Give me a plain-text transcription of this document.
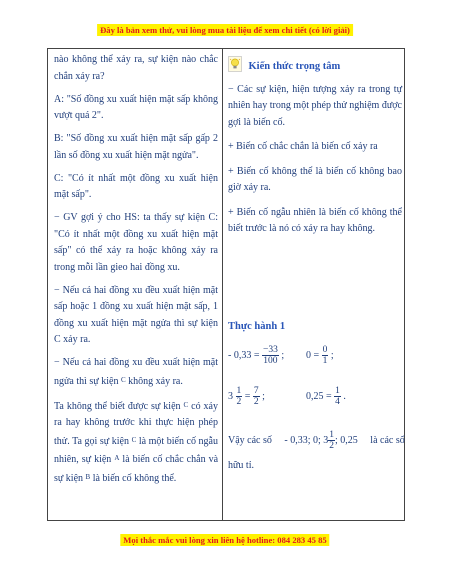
Đây là bản xem thử, vui lòng mua tài liệu để xem chi tiết (có lời giải)

nào không thể xảy ra, sự kiện nào chắc chắn xảy ra?

A: "Số đồng xu xuất hiện mặt sấp không vượt quá 2".

B: "Số đồng xu xuất hiện mặt sấp gấp 2 lần số đồng xu xuất hiện mặt ngửa".

C: "Có ít nhất một đồng xu xuất hiện mặt sấp".

− GV gợi ý cho HS: ta thấy sự kiện C: "Có ít nhất một đồng xu xuất hiện mặt sấp" có thể xảy ra hoặc không xảy ra trong mỗi lần gieo hai đồng xu.

− Nếu cả hai đồng xu đều xuất hiện mặt sấp hoặc 1 đồng xu xuất hiện mặt sấp, 1 đồng xu xuất hiện mặt ngửa thì sự kiện C xảy ra.

− Nếu cả hai đồng xu đều xuất hiện mặt ngửa thì sự kiện $^C$ không xảy ra.

Ta không thể biết được sự kiện $^C$ có xảy ra hay không trước khi thực hiện phép thử. Ta gọi sự kiện $^C$ là một biến cố ngẫu nhiên, sự kiện $^A$ là biến cố chắc chắn và sự kiện $^B$ là biến cố không thể.

Kiến thức trọng tâm

− Các sự kiện, hiện tượng xảy ra trong tự nhiên hay trong một phép thử nghiệm được gợi là biến cố.

+ Biến cố chắc chắn là biến cố xảy ra

+ Biến cố không thể là biến cố không bao giờ xảy ra.

+ Biến cố ngẫu nhiên là biến cố không thể biết trước là nó có xảy ra hay không.

Thực hành 1
- $0,33 = \frac{-33}{100}$ ; $0 = \frac{0}{1}$ ;
$3 \frac{1}{2} = \frac{7}{2}$ ;	$0,25 = \frac{1}{4}$ .
Vậy các số - 0,33; 0; $3 \frac{1}{2}$ ; 0,25 là các số
hữu tỉ.
Mọi thắc mắc vui lòng xin liên hệ hotline: 084 283 45 85
